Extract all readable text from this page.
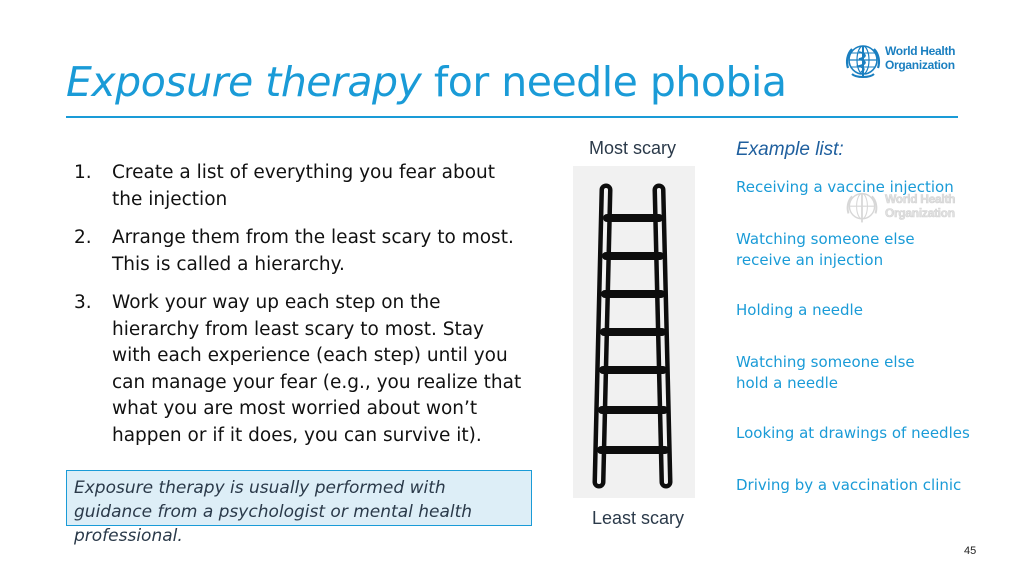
Exposure therapy for needle phobia
World Health
Organization
1. Create a list of everything you fear about the injection
2. Arrange them from the least scary to most. This is called a hierarchy.
3. Work your way up each step on the hierarchy from least scary to most. Stay with each experience (each step) until you can manage your fear (e.g., you realize that what you are most worried about won’t happen or if it does, you can survive it).
Exposure therapy is usually performed with guidance from a psychologist or mental health professional.
Most scary
Least scary
Example list:
Receiving a vaccine injection
Watching someone else
receive an injection
Holding a needle
Watching someone else
hold a needle
Looking at drawings of needles
Driving by a vaccination clinic
World Health
Organization
45
